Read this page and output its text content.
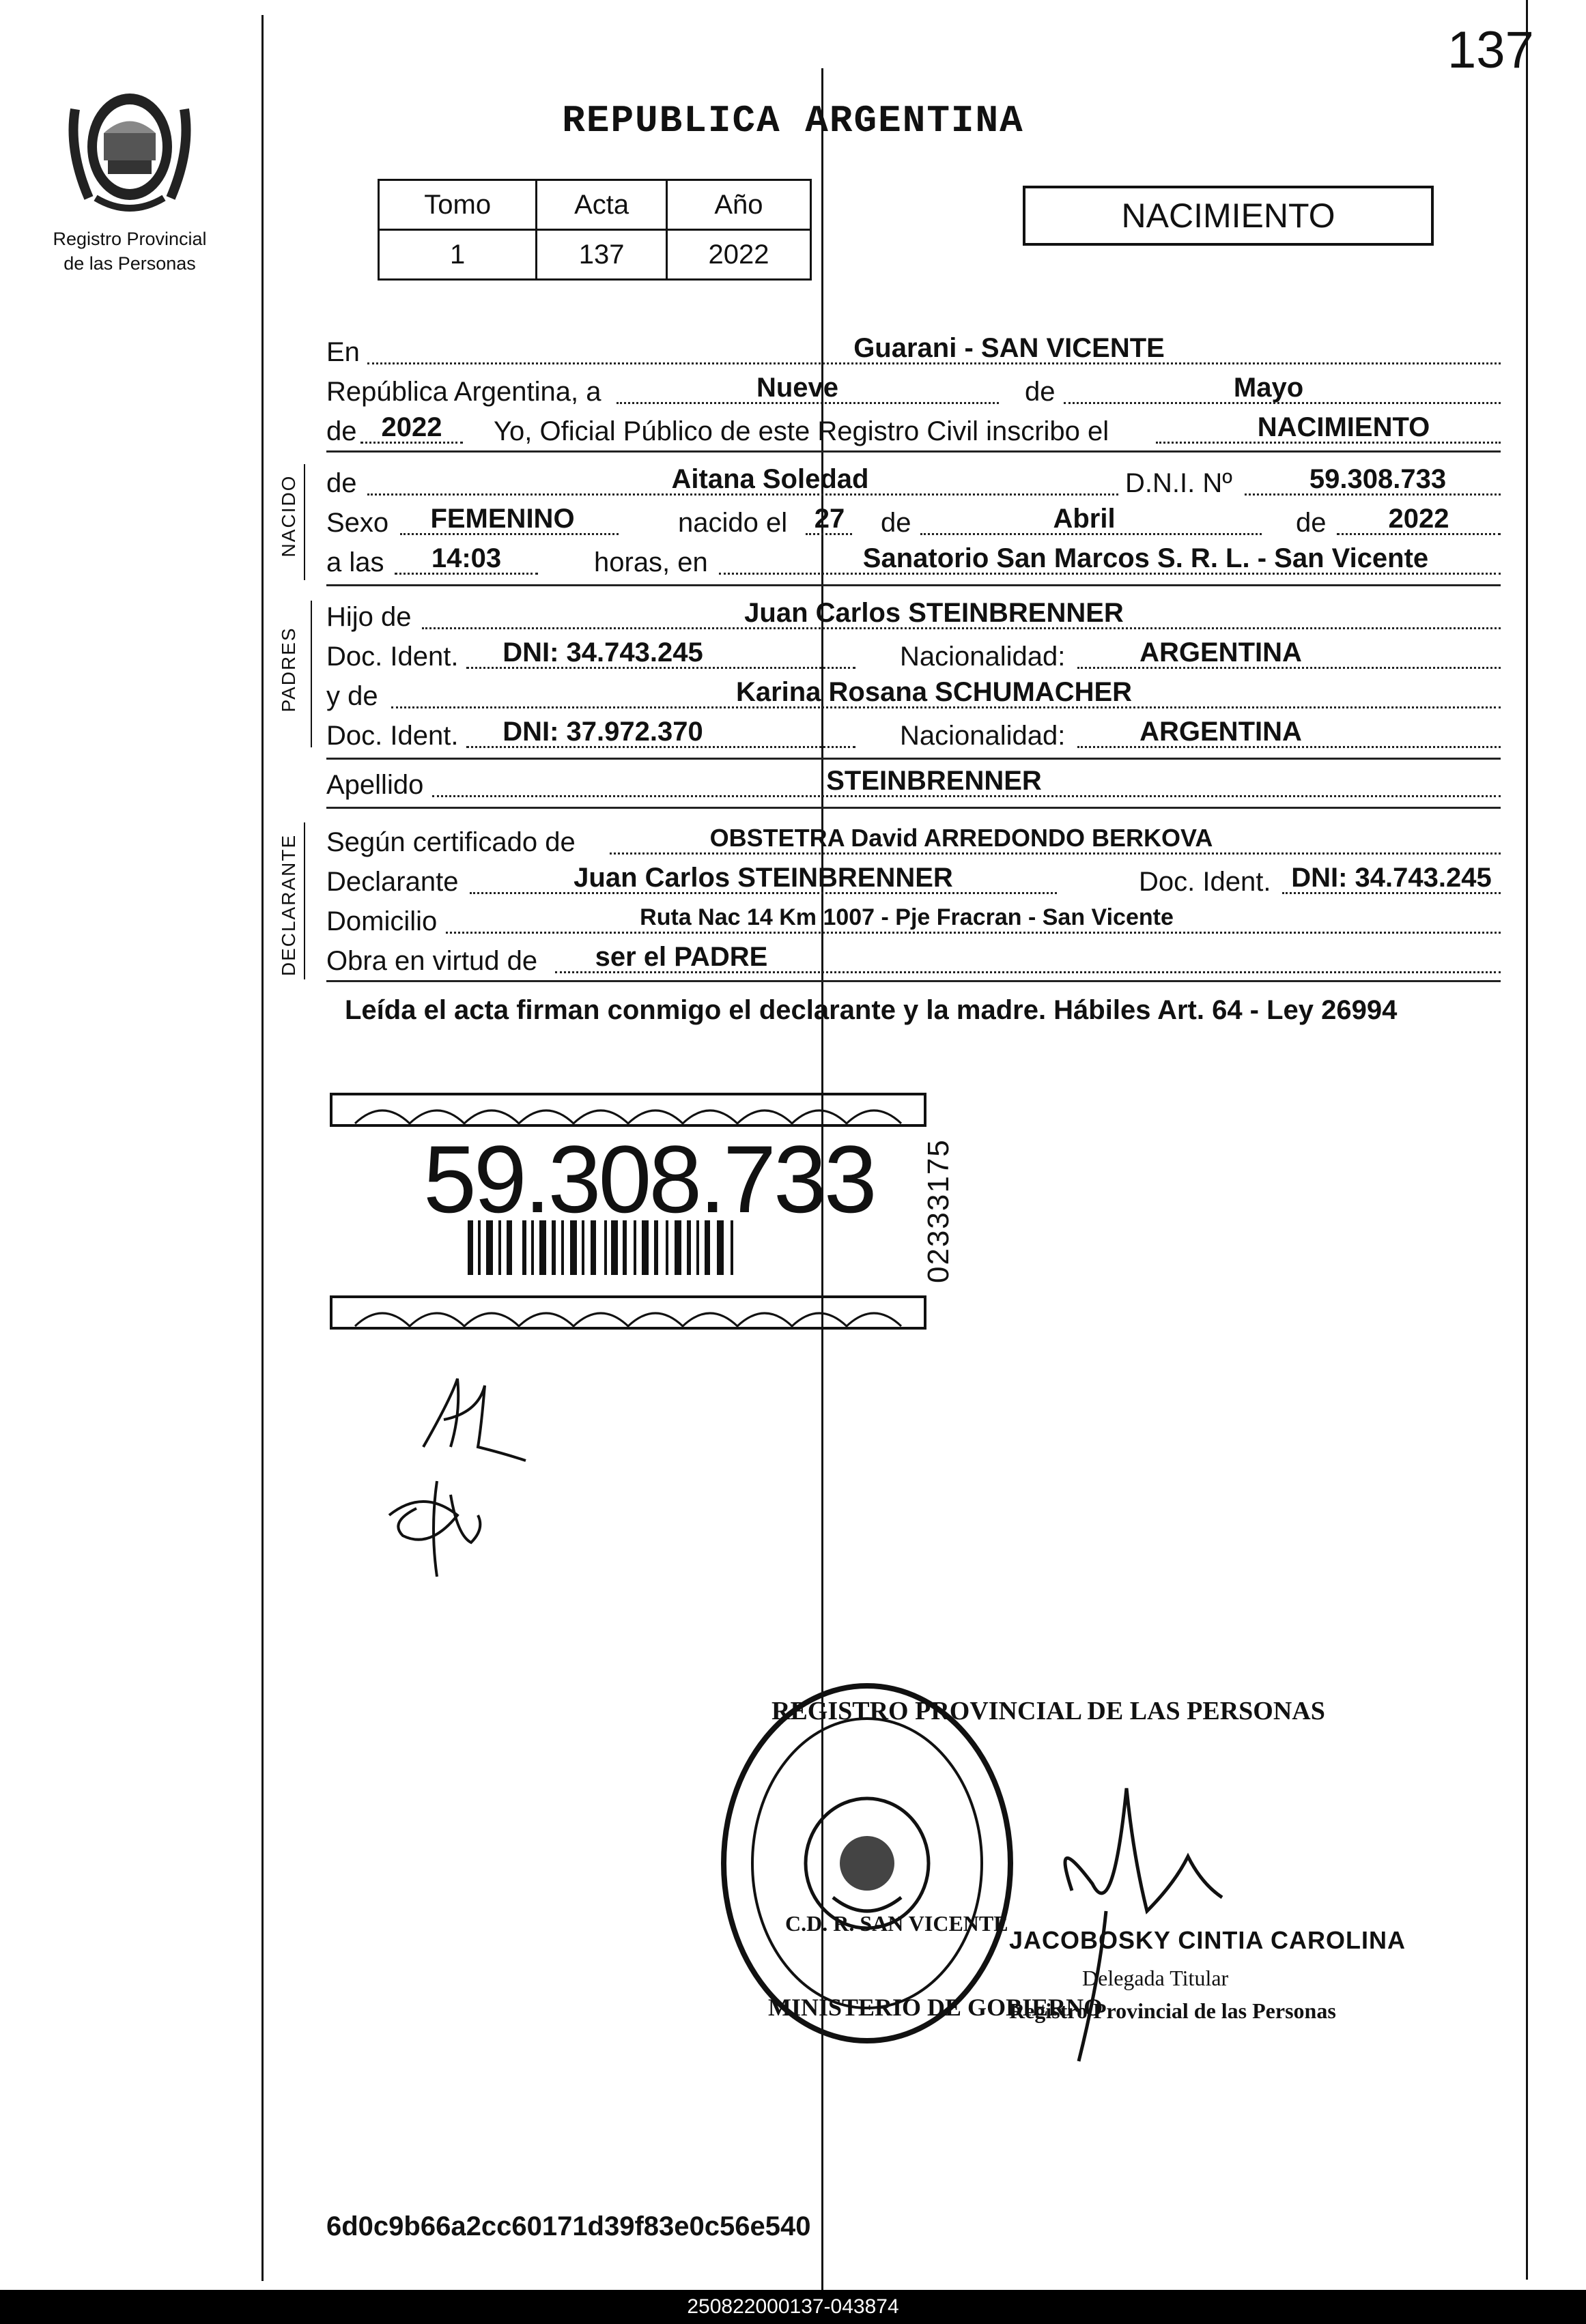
137
Registro Provincial
de las Personas
REPUBLICA ARGENTINA
Tomo	Acta	Año
1	137	2022
NACIMIENTO
En	Guarani - SAN VICENTE
República Argentina, a	Nueve	de	Mayo
de 2022	Yo, Oficial Público de este Registro Civil inscribo el	NACIMIENTO
NACIDO de	Aitana Soledad	D.N.I. Nº	59.308.733
Sexo	FEMENINO	nacido el 27	de	Abril	de	2022
a las	14:03	horas, en	Sanatorio San Marcos S. R. L. - San Vicente
PADRES
Hijo de	Juan Carlos STEINBRENNER
Doc. Ident.	DNI: 34.743.245	Nacionalidad:	ARGENTINA
y de	Karina Rosana SCHUMACHER
Doc. Ident.	DNI: 37.972.370	Nacionalidad:	ARGENTINA
Apellido	STEINBRENNER
DECLARANTE Según certificado de	OBSTETRA David ARREDONDO BERKOVA
Declarante	Juan Carlos STEINBRENNER	Doc. Ident. DNI: 34.743.245
Domicilio	Ruta Nac 14 Km 1007 - Pje Fracran - San Vicente
Obra en virtud de	ser el PADRE
Leída el acta firman conmigo el declarante y la madre. Hábiles Art. 64 - Ley 26994
59.308.733 02333175
REGISTRO PROVINCIAL DE LAS PERSONAS
C.D. R. SAN VICENTE
MINISTERIO DE GOBIERNO
JACOBOSKY CINTIA CAROLINA
Delegada Titular
Registro Provincial de las Personas
6d0c9b66a2cc60171d39f83e0c56e540
250822000137-043874
